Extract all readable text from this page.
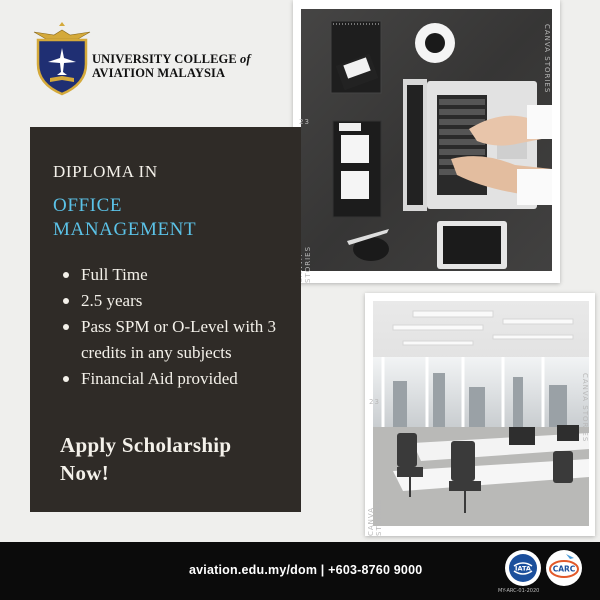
UNIVERSITY COLLEGE of
AVIATION MALAYSIA	CANVA STORIES
23
STORIES
CANVA STORIES
23
CANVA STORIES
DIPLOMA IN
OFFICE
MANAGEMENT
Full Time
2.5 years
Pass SPM or O-Level with 3 credits in any subjects
Financial Aid provided
Apply Scholarship
Now!
aviation.edu.my/dom | +603-8760 9000	IATA	CARC
MY-ARC-01-2020
